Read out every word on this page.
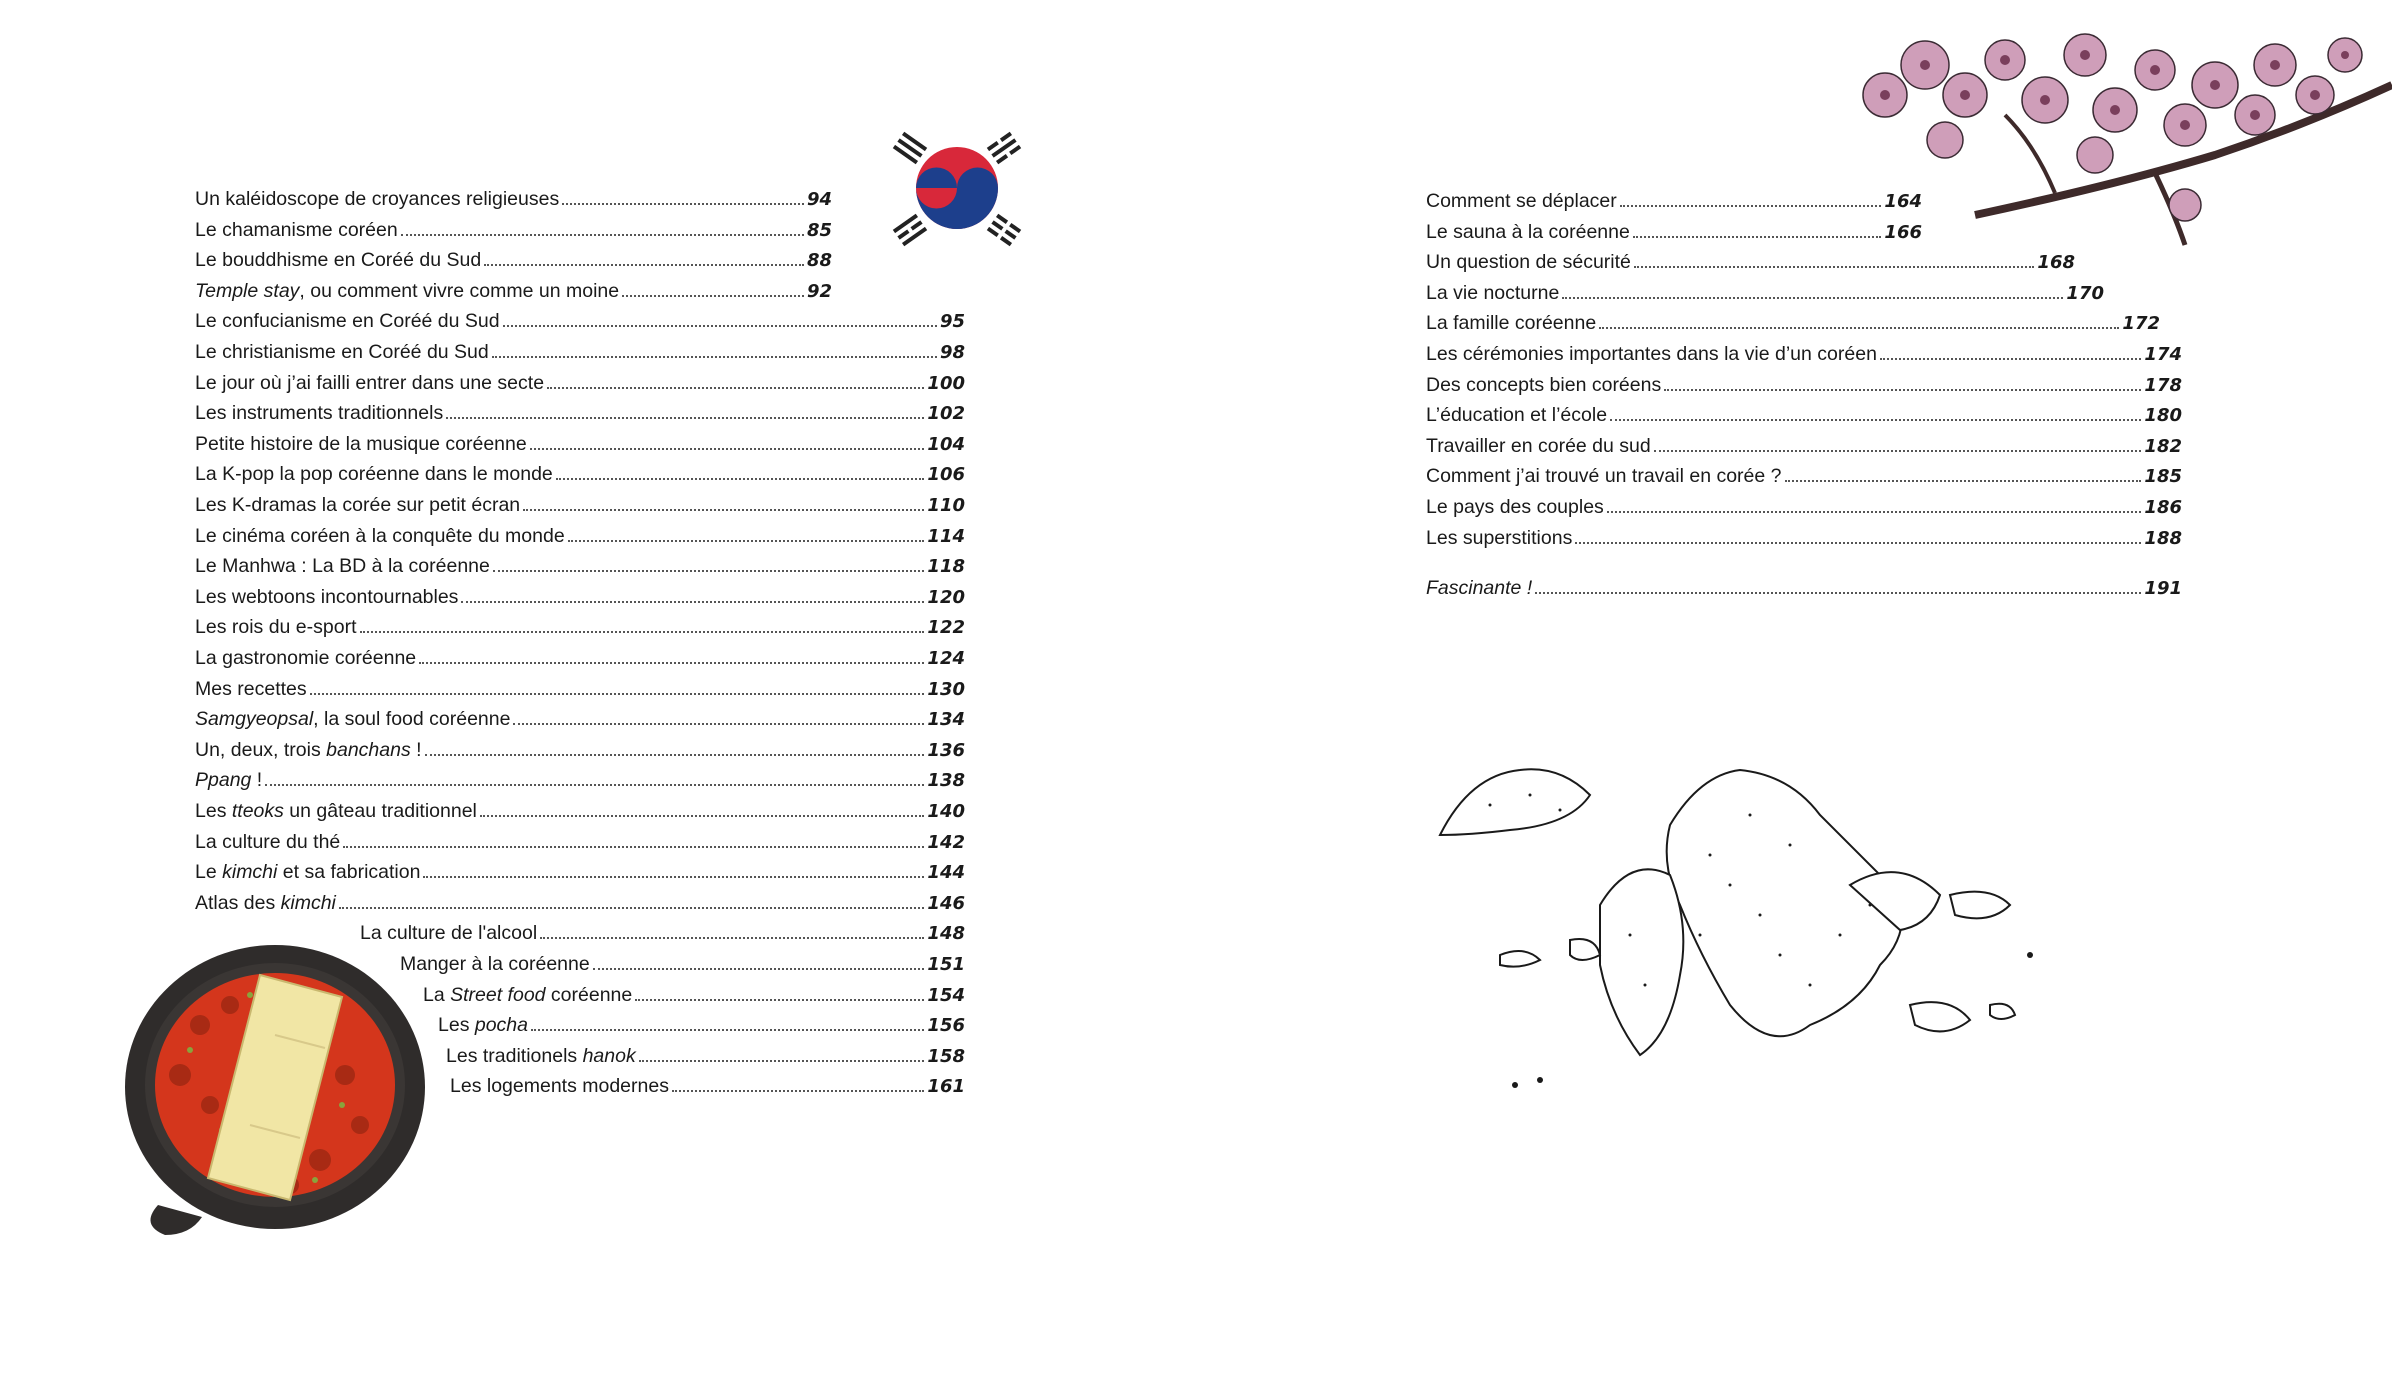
Un kaléidoscope de croyances religieuses	94
Le chamanisme coréen	85
Le bouddhisme en Coréé du Sud	88
Temple stay, ou comment vivre comme un moine	92
Le confucianisme en Coréé du Sud	95
Le christianisme en Coréé du Sud	98
Le jour où j’ai failli entrer dans une secte	100
Les instruments traditionnels	102
Petite histoire de la musique coréenne	104
La K-pop la pop coréenne dans le monde	106
Les K-dramas la corée sur petit écran	110
Le cinéma coréen à la conquête du monde	114
Le Manhwa : La BD à la coréenne	118
Les webtoons incontournables	120
Les rois du e-sport	122
La gastronomie coréenne	124
Mes recettes	130
Samgyeopsal, la soul food coréenne	134
Un, deux, trois banchans !	136
Ppang !	138
Les tteoks un gâteau traditionnel	140
La culture du thé	142
Le kimchi et sa fabrication	144
Atlas des kimchi	146
La culture de l'alcool	148
Manger à la coréenne	151
La Street food coréenne	154
Les pocha	156
Les traditionels hanok	158
Les logements modernes	161
Comment se déplacer	164
Le sauna à la coréenne	166
Un question de sécurité	168
La vie nocturne	170
La famille coréenne	172
Les cérémonies importantes dans la vie d’un coréen	174
Des concepts bien coréens	178
L’éducation et l’école	180
Travailler en corée du sud	182
Comment j’ai trouvé un travail en corée ?	185
Le pays des couples	186
Les superstitions	188
Fascinante !	191
